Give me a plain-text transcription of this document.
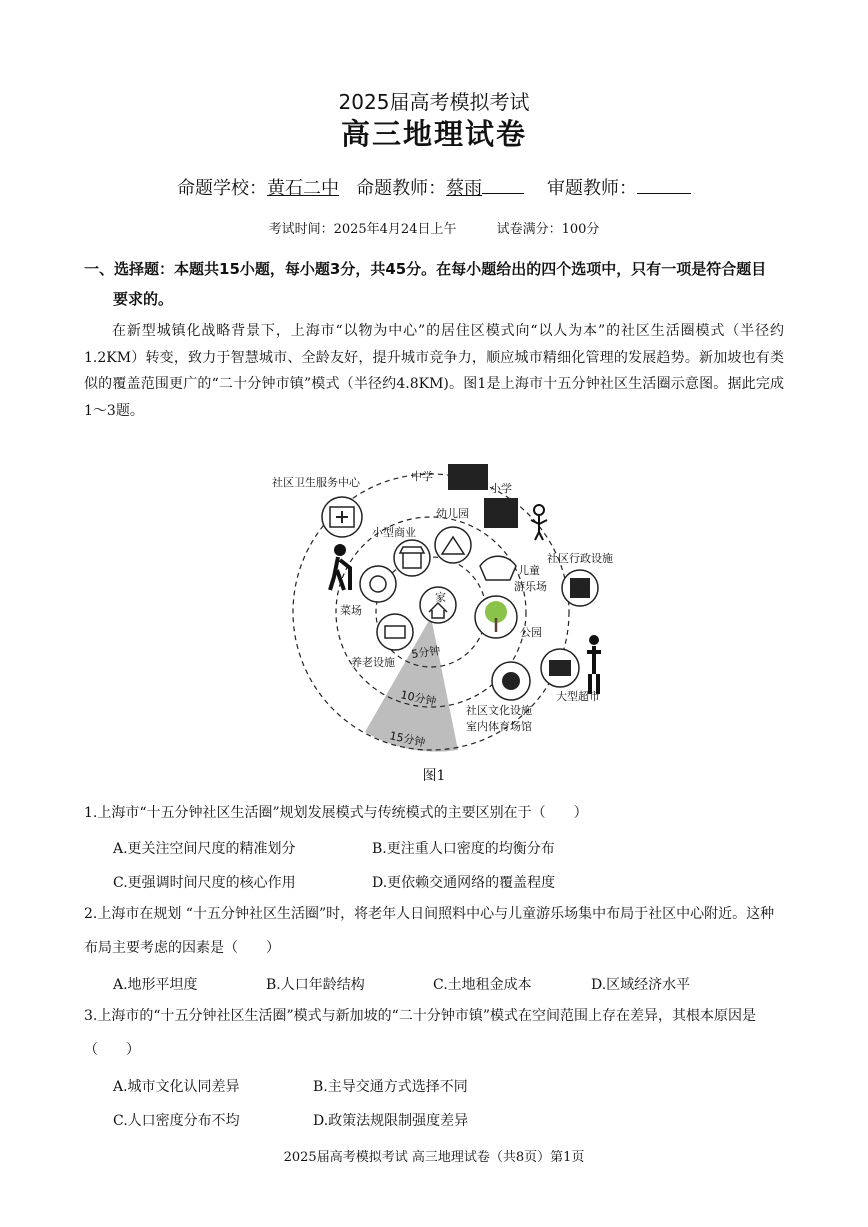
2025届高考模拟考试
高三地理试卷
命题学校：黄石二中 命题教师：蔡雨	审题教师：
考试时间：2025年4月24日上午	试卷满分：100分
一、选择题：本题共15小题，每小题3分，共45分。在每小题给出的四个选项中，只有一项是符合题目
要求的。
在新型城镇化战略背景下，上海市“以物为中心”的居住区模式向“以人为本”的社区生活圈模式（半径约1.2KM）转变，致力于智慧城市、全龄友好，提升城市竞争力，顺应城市精细化管理的发展趋势。新加坡也有类似的覆盖范围更广的“二十分钟市镇”模式（半径约4.8KM)。图1是上海市十五分钟社区生活圈示意图。据此完成1～3题。
家
社区卫生服务中心	中学
小学
幼儿园
小型商业
儿童
游乐场
社区行政设施
菜场
公园
养老设施
5分钟
10分钟
15分钟
大型超市
社区文化设施
室内体育场馆
图1
1.上海市“十五分钟社区生活圈”规划发展模式与传统模式的主要区别在于（　　）
A.更关注空间尺度的精准划分	B.更注重人口密度的均衡分布
C.更强调时间尺度的核心作用	D.更依赖交通网络的覆盖程度
2.上海市在规划 “十五分钟社区生活圈”时，将老年人日间照料中心与儿童游乐场集中布局于社区中心附近。这种布局主要考虑的因素是（　　）
A.地形平坦度	B.人口年龄结构	C.土地租金成本	D.区域经济水平
3.上海市的“十五分钟社区生活圈”模式与新加坡的“二十分钟市镇”模式在空间范围上存在差异，其根本原因是（　　）
A.城市文化认同差异	B.主导交通方式选择不同
C.人口密度分布不均	D.政策法规限制强度差异
2025届高考模拟考试 高三地理试卷（共8页）第1页
